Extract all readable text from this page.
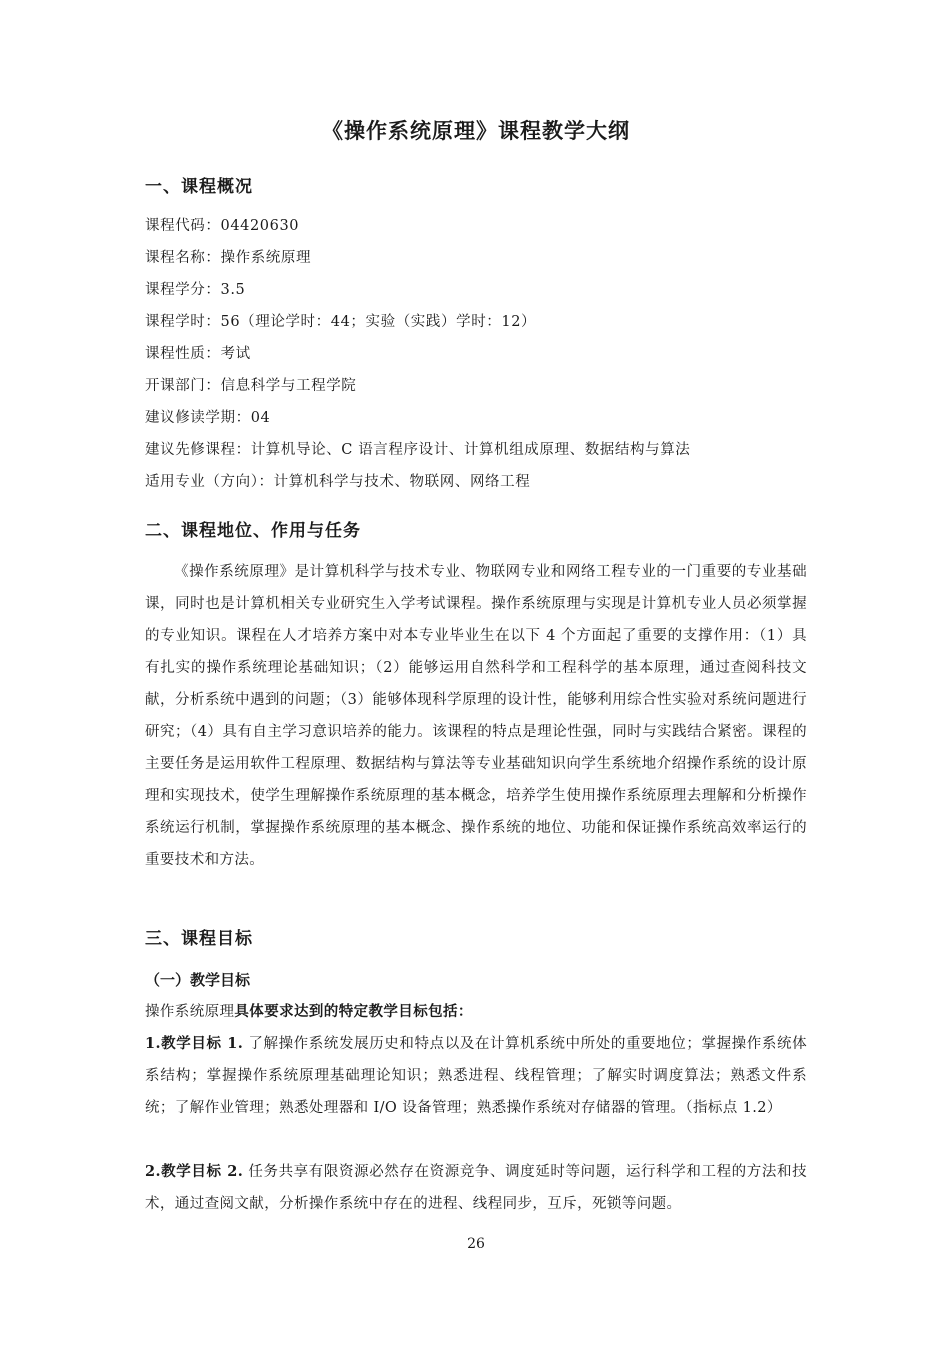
《操作系统原理》课程教学大纲
一、课程概况
课程代码：04420630
课程名称：操作系统原理
课程学分：3.5
课程学时：56（理论学时：44；实验（实践）学时：12）
课程性质：考试
开课部门：信息科学与工程学院
建议修读学期：04
建议先修课程：计算机导论、C 语言程序设计、计算机组成原理、数据结构与算法
适用专业（方向）：计算机科学与技术、物联网、网络工程
二、课程地位、作用与任务

《操作系统原理》是计算机科学与技术专业、物联网专业和网络工程专业的一门重要的专业基础课，同时也是计算机相关专业研究生入学考试课程。操作系统原理与实现是计算机专业人员必须掌握的专业知识。课程在人才培养方案中对本专业毕业生在以下 4 个方面起了重要的支撑作用：（1）具有扎实的操作系统理论基础知识；（2）能够运用自然科学和工程科学的基本原理，通过查阅科技文献，分析系统中遇到的问题；（3）能够体现科学原理的设计性，能够利用综合性实验对系统问题进行研究；（4）具有自主学习意识培养的能力。该课程的特点是理论性强，同时与实践结合紧密。课程的主要任务是运用软件工程原理、数据结构与算法等专业基础知识向学生系统地介绍操作系统的设计原理和实现技术，使学生理解操作系统原理的基本概念，培养学生使用操作系统原理去理解和分析操作系统运行机制，掌握操作系统原理的基本概念、操作系统的地位、功能和保证操作系统高效率运行的重要技术和方法。

三、课程目标
（一）教学目标

操作系统原理具体要求达到的特定教学目标包括：

1.教学目标 1. 了解操作系统发展历史和特点以及在计算机系统中所处的重要地位；掌握操作系统体系结构；掌握操作系统原理基础理论知识；熟悉进程、线程管理；了解实时调度算法；熟悉文件系统；了解作业管理；熟悉处理器和 I/O 设备管理；熟悉操作系统对存储器的管理。（指标点 1.2）

2.教学目标 2. 任务共享有限资源必然存在资源竞争、调度延时等问题，运行科学和工程的方法和技术，通过查阅文献，分析操作系统中存在的进程、线程同步，互斥，死锁等问题。

26
